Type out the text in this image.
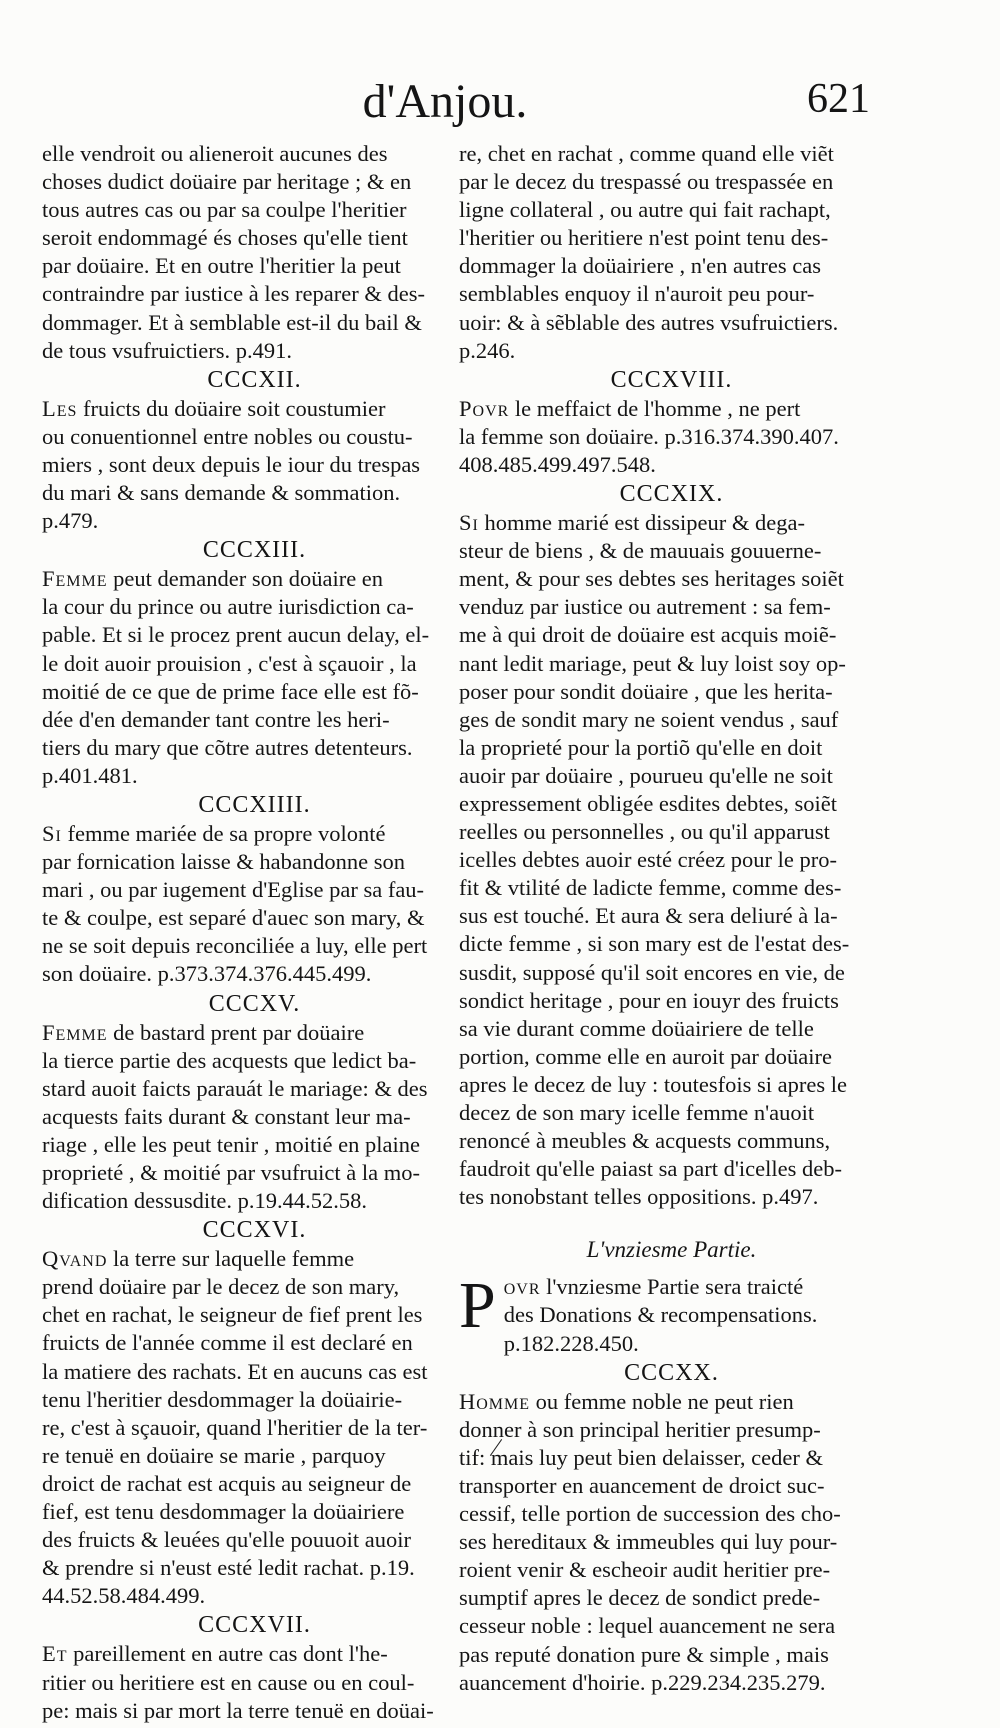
d'Anjou.	621

elle vendroit ou alieneroit aucunes des
choses dudict doüaire par heritage ; & en
tous autres cas ou par sa coulpe l'heritier
seroit endommagé és choses qu'elle tient
par doüaire. Et en outre l'heritier la peut
contraindre par iustice à les reparer & des-
dommager. Et à semblable est-il du bail &
de tous vsufruictiers. p.491.

CCCXII.

Les fruicts du doüaire soit coustumier
ou conuentionnel entre nobles ou coustu-
miers , sont deux depuis le iour du trespas
du mari & sans demande & sommation.
p.479.

CCCXIII.

Femme peut demander son doüaire en
la cour du prince ou autre iurisdiction ca-
pable. Et si le procez prent aucun delay, el-
le doit auoir prouision , c'est à sçauoir , la
moitié de ce que de prime face elle est fõ-
dée d'en demander tant contre les heri-
tiers du mary que cõtre autres detenteurs.
p.401.481.

CCCXIIII.

Si femme mariée de sa propre volonté
par fornication laisse & habandonne son
mari , ou par iugement d'Eglise par sa fau-
te & coulpe, est separé d'auec son mary, &
ne se soit depuis reconciliée a luy, elle pert
son doüaire. p.373.374.376.445.499.

CCCXV.

Femme de bastard prent par doüaire
la tierce partie des acquests que ledict ba-
stard auoit faicts parauát le mariage: & des
acquests faits durant & constant leur ma-
riage , elle les peut tenir , moitié en plaine
proprieté , & moitié par vsufruict à la mo-
dification dessusdite. p.19.44.52.58.

CCCXVI.

Qvand la terre sur laquelle femme
prend doüaire par le decez de son mary,
chet en rachat, le seigneur de fief prent les
fruicts de l'année comme il est declaré en
la matiere des rachats. Et en aucuns cas est
tenu l'heritier desdommager la doüairie-
re, c'est à sçauoir, quand l'heritier de la ter-
re tenuë en doüaire se marie , parquoy
droict de rachat est acquis au seigneur de
fief, est tenu desdommager la doüairiere
des fruicts & leuées qu'elle pouuoit auoir
& prendre si n'eust esté ledit rachat. p.19.
44.52.58.484.499.

CCCXVII.

Et pareillement en autre cas dont l'he-
ritier ou heritiere est en cause ou en coul-
pe: mais si par mort la terre tenuë en doüai-

re, chet en rachat , comme quand elle viẽt
par le decez du trespassé ou trespassée en
ligne collateral , ou autre qui fait rachapt,
l'heritier ou heritiere n'est point tenu des-
dommager la doüairiere , n'en autres cas
semblables enquoy il n'auroit peu pour-
uoir: & à sẽblable des autres vsufruictiers.
p.246.

CCCXVIII.

Povr le meffaict de l'homme , ne pert
la femme son doüaire. p.316.374.390.407.
408.485.499.497.548.

CCCXIX.

Si homme marié est dissipeur & degа-
steur de biens , & de mauuais gouuerne-
ment, & pour ses debtes ses heritages soiẽt
venduz par iustice ou autrement : sa fem-
me à qui droit de doüaire est acquis moiẽ-
nant ledit mariage, peut & luy loist soy op-
poser pour sondit doüaire , que les herita-
ges de sondit mary ne soient vendus , sauf
la proprieté pour la portiõ qu'elle en doit
auoir par doüaire , pourueu qu'elle ne soit
expressement obligée esdites debtes, soiẽt
reelles ou personnelles , ou qu'il apparust
icelles debtes auoir esté créez pour le pro-
fit & vtilité de ladicte femme, comme des-
sus est touché. Et aura & sera deliuré à la-
dicte femme , si son mary est de l'estat des-
susdit, supposé qu'il soit encores en vie, de
sondict heritage , pour en iouyr des fruicts
sa vie durant comme doüairiere de telle
portion, comme elle en auroit par doüaire
apres le decez de luy : toutesfois si apres le
decez de son mary icelle femme n'auoit
renoncé à meubles & acquests communs,
faudroit qu'elle paiast sa part d'icelles deb-
tes nonobstant telles oppositions. p.497.

L'vnziesme Partie.

P ovr l'vnziesme Partie sera traicté
des Donations & recompensations.
p.182.228.450.

CCCXX.

Homme ou femme noble ne peut rien
donner à son principal heritier presump-
tif: mais luy peut bien delaisser, ceder &
transporter en auancement de droict suc-
cessif, telle portion de succession des cho-
ses hereditaux & immeubles qui luy pour-
roient venir & escheoir audit heritier pre-
sumptif apres le decez de sondict prede-
cesseur noble : lequel auancement ne sera
pas reputé donation pure & simple , mais
auancement d'hoirie. p.229.234.235.279.
